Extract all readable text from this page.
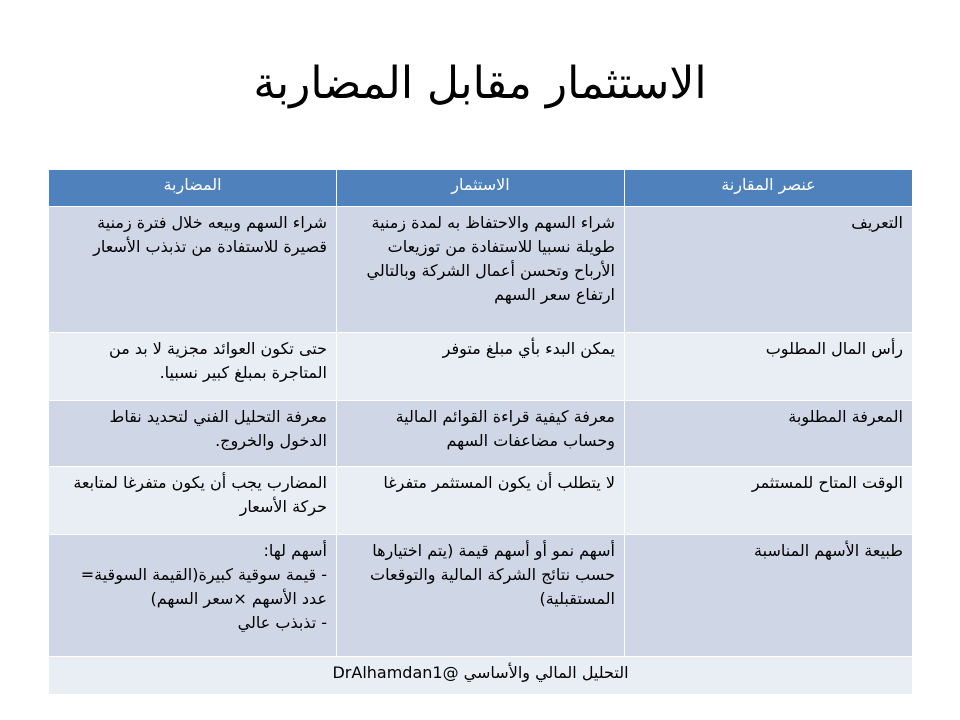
الاستثمار مقابل المضاربة
عنصر المقارنة	الاستثمار	المضاربة
التعريف	شراء السهم والاحتفاظ به لمدة زمنية طويلة نسبيا للاستفادة من توزيعات الأرباح وتحسن أعمال الشركة وبالتالي ارتفاع سعر السهم	شراء السهم وبيعه خلال فترة زمنية قصيرة للاستفادة من تذبذب الأسعار
رأس المال المطلوب	يمكن البدء بأي مبلغ متوفر	حتى تكون العوائد مجزية لا بد من المتاجرة بمبلغ كبير نسبيا.
المعرفة المطلوبة	معرفة كيفية قراءة القوائم المالية وحساب مضاعفات السهم	معرفة التحليل الفني لتحديد نقاط الدخول والخروج.
الوقت المتاح للمستثمر	لا يتطلب أن يكون المستثمر متفرغا	المضارب يجب أن يكون متفرغا لمتابعة حركة الأسعار
طبيعة الأسهم المناسبة	أسهم نمو أو أسهم قيمة (يتم اختيارها حسب نتائج الشركة المالية والتوقعات المستقبلية)	أسهم لها:
- قيمة سوقية كبيرة(القيمة السوقية= عدد الأسهم ×سعر السهم)
- تذبذب عالي
التحليل المالي والأساسي @DrAlhamdan1		
